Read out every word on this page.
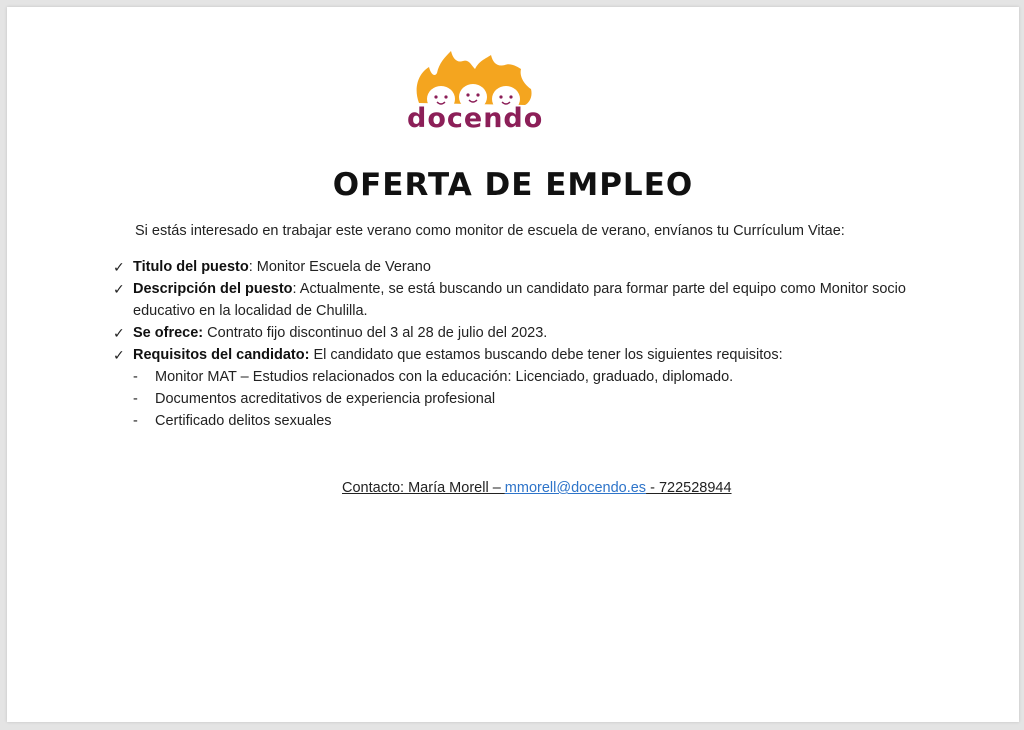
docendo
OFERTA DE EMPLEO
Si estás interesado en trabajar este verano como monitor de escuela de verano, envíanos tu Currículum Vitae:
✓ Titulo del puesto: Monitor Escuela de Verano
✓ Descripción del puesto: Actualmente, se está buscando un candidato para formar parte del equipo como Monitor socio educativo en la localidad de Chulilla.
✓ Se ofrece: Contrato fijo discontinuo del 3 al 28 de julio del 2023.
✓ Requisitos del candidato: El candidato que estamos buscando debe tener los siguientes requisitos:
- Monitor MAT – Estudios relacionados con la educación: Licenciado, graduado, diplomado.
- Documentos acreditativos de experiencia profesional
- Certificado delitos sexuales
Contacto: María Morell – mmorell@docendo.es - 722528944
